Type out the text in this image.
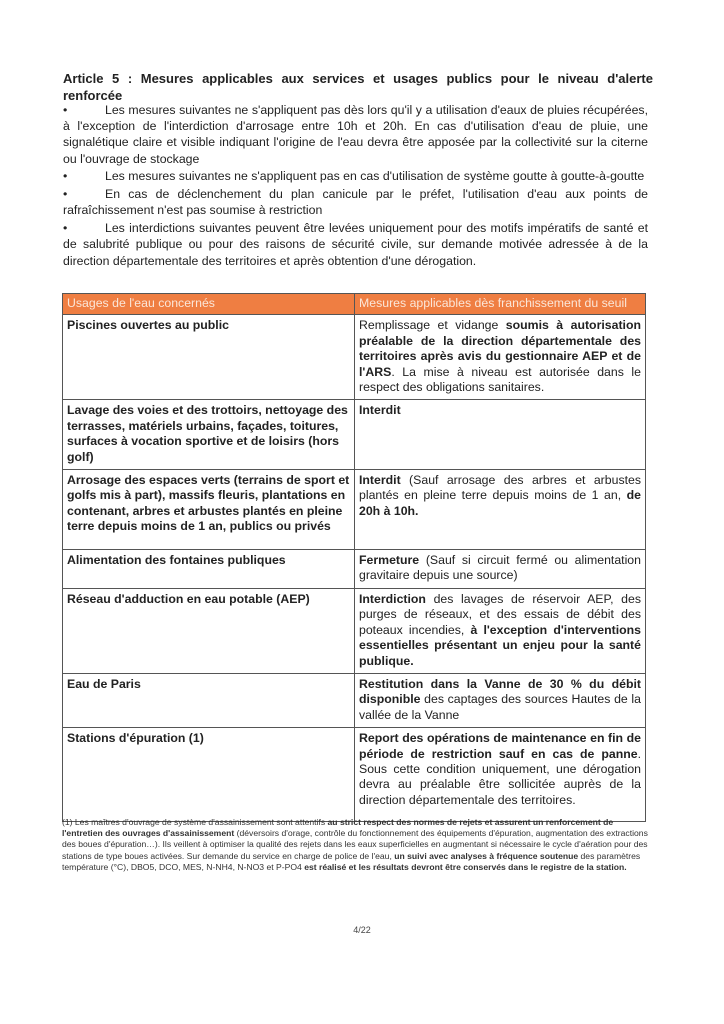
Article 5 : Mesures applicables aux services et usages publics pour le niveau d'alerte
renforcée

•	Les mesures suivantes ne s'appliquent pas dès lors qu'il y a utilisation d'eaux de pluies récupérées, à l'exception de l'interdiction d'arrosage entre 10h et 20h. En cas d'utilisation d'eau de pluie, une signalétique claire et visible indiquant l'origine de l'eau devra être apposée par la collectivité sur la citerne ou l'ouvrage de stockage

•	Les mesures suivantes ne s'appliquent pas en cas d'utilisation de système goutte à goutte-à-goutte

•	En cas de déclenchement du plan canicule par le préfet, l'utilisation d'eau aux points de rafraîchissement n'est pas soumise à restriction

•	Les interdictions suivantes peuvent être levées uniquement pour des motifs impératifs de santé et de salubrité publique ou pour des raisons de sécurité civile, sur demande motivée adressée à de la direction départementale des territoires et après obtention d'une dérogation.

Usages de l'eau concernés	Mesures applicables dès franchissement du seuil
Piscines ouvertes au public	Remplissage et vidange soumis à autorisation préalable de la direction départementale des territoires après avis du gestionnaire AEP et de l'ARS. La mise à niveau est autorisée dans le respect des obligations sanitaires.
Lavage des voies et des trottoirs, nettoyage des terrasses, matériels urbains, façades, toitures, surfaces à vocation sportive et de loisirs (hors golf)	Interdit
Arrosage des espaces verts (terrains de sport et golfs mis à part), massifs fleuris, plantations en contenant, arbres et arbustes plantés en pleine terre depuis moins de 1 an, publics ou privés	Interdit (Sauf arrosage des arbres et arbustes plantés en pleine terre depuis moins de 1 an, de 20h à 10h.
Alimentation des fontaines publiques	Fermeture (Sauf si circuit fermé ou alimentation gravitaire depuis une source)
Réseau d'adduction en eau potable (AEP)	Interdiction des lavages de réservoir AEP, des purges de réseaux, et des essais de débit des poteaux incendies, à l'exception d'interventions essentielles présentant un enjeu pour la santé publique.
Eau de Paris	Restitution dans la Vanne de 30 % du débit disponible des captages des sources Hautes de la vallée de la Vanne
Stations d'épuration (1)	Report des opérations de maintenance en fin de période de restriction sauf en cas de panne. Sous cette condition uniquement, une dérogation devra au préalable être sollicitée auprès de la direction départementale des territoires.
(1) Les maîtres d'ouvrage de système d'assainissement sont attentifs au strict respect des normes de rejets et assurent un renforcement de l'entretien des ouvrages d'assainissement (déversoirs d'orage, contrôle du fonctionnement des équipements d'épuration, augmentation des extractions des boues d'épuration…). Ils veillent à optimiser la qualité des rejets dans les eaux superficielles en augmentant si nécessaire le cycle d'aération pour des stations de type boues activées. Sur demande du service en charge de police de l'eau, un suivi avec analyses à fréquence soutenue des paramètres température (°C), DBO5, DCO, MES, N-NH4, N-NO3 et P-PO4 est réalisé et les résultats devront être conservés dans le registre de la station.
4/22
